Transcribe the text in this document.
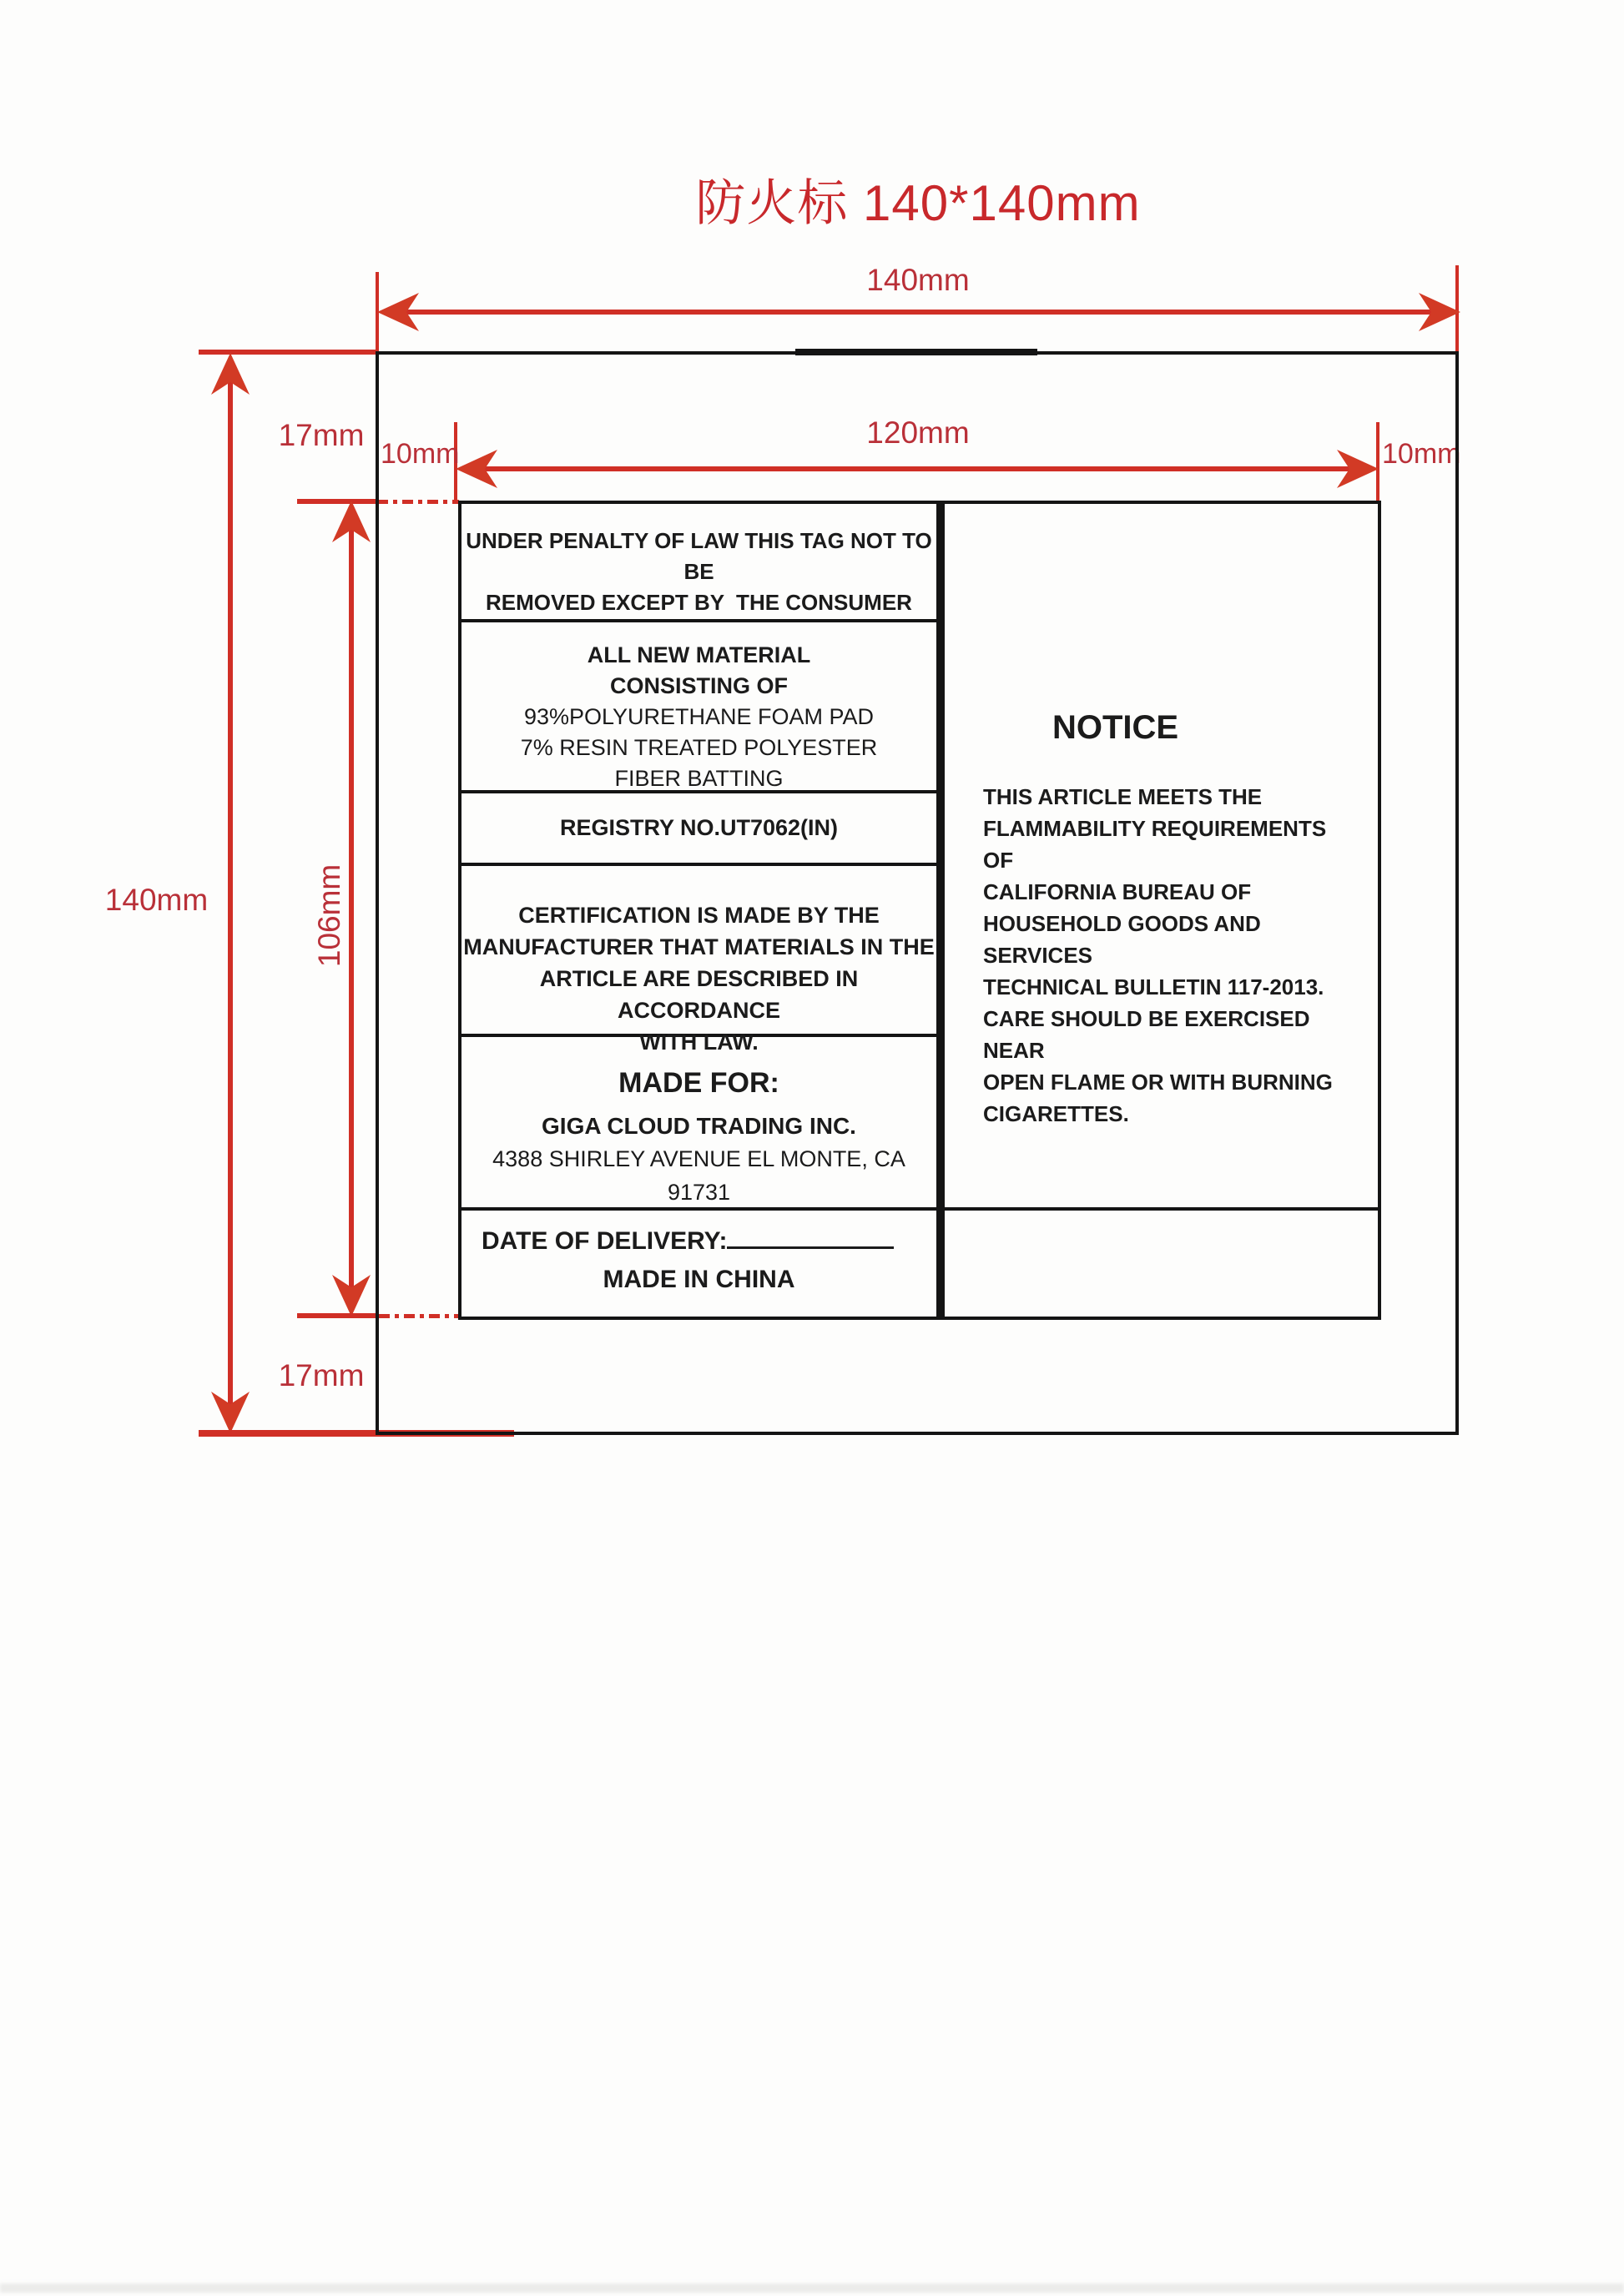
防火标 140*140mm
140mm
120mm
10mm	10mm
140mm	106mm
17mm
17mm
UNDER PENALTY OF LAW THIS TAG NOT TO BE
REMOVED EXCEPT BY  THE CONSUMER
ALL NEW MATERIAL
CONSISTING OF
93%POLYURETHANE FOAM PAD
7% RESIN TREATED POLYESTER
FIBER BATTING
REGISTRY NO.UT7062(IN)
CERTIFICATION IS MADE BY THE
MANUFACTURER THAT MATERIALS IN THE
ARTICLE ARE DESCRIBED IN ACCORDANCE
WITH LAW.
MADE FOR:
GIGA CLOUD TRADING INC.
4388 SHIRLEY AVENUE EL MONTE, CA 91731
DATE OF DELIVERY:
MADE IN CHINA
NOTICE
THIS ARTICLE MEETS THE
FLAMMABILITY REQUIREMENTS OF
CALIFORNIA BUREAU OF
HOUSEHOLD GOODS AND SERVICES
TECHNICAL BULLETIN 117-2013.
CARE SHOULD BE EXERCISED NEAR
OPEN FLAME OR WITH BURNING
CIGARETTES.
